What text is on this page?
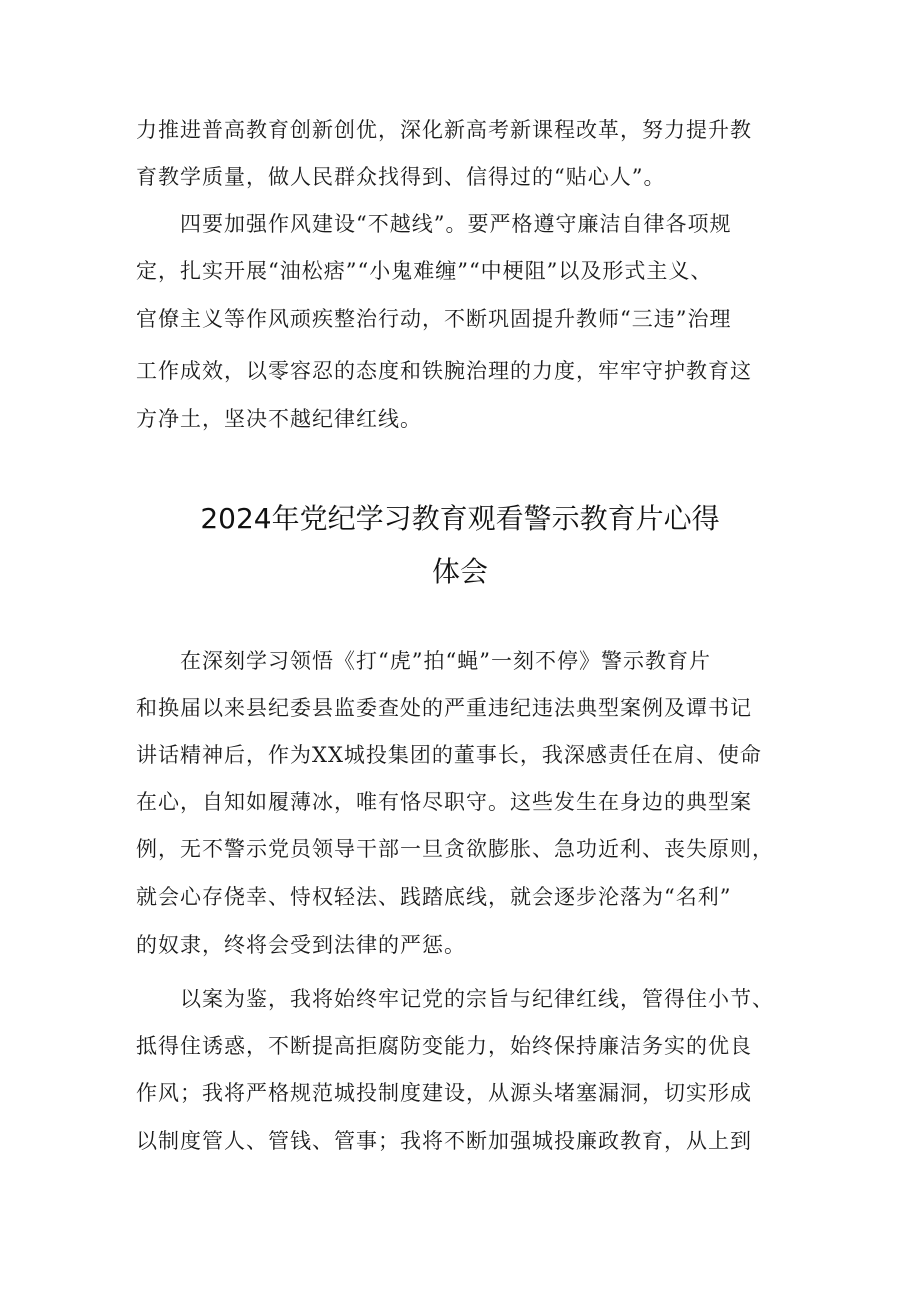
力推进普高教育创新创优，深化新高考新课程改革，努力提升教
育教学质量，做人民群众找得到、信得过的“贴心人”。
四要加强作风建设“不越线”。要严格遵守廉洁自律各项规
定，扎实开展“油松痞”“小鬼难缠”“中梗阻”以及形式主义、
官僚主义等作风顽疾整治行动，不断巩固提升教师“三违”治理
工作成效，以零容忍的态度和铁腕治理的力度，牢牢守护教育这
方净土，坚决不越纪律红线。
2024年党纪学习教育观看警示教育片心得
体会
在深刻学习领悟《打“虎”拍“蝇”一刻不停》警示教育片
和换届以来县纪委县监委查处的严重违纪违法典型案例及谭书记
讲话精神后，作为XX城投集团的董事长，我深感责任在肩、使命
在心，自知如履薄冰，唯有恪尽职守。这些发生在身边的典型案
例，无不警示党员领导干部一旦贪欲膨胀、急功近利、丧失原则，
就会心存侥幸、恃权轻法、践踏底线，就会逐步沦落为“名利”
的奴隶，终将会受到法律的严惩。
以案为鉴，我将始终牢记党的宗旨与纪律红线，管得住小节、
抵得住诱惑，不断提高拒腐防变能力，始终保持廉洁务实的优良
作风；我将严格规范城投制度建设，从源头堵塞漏洞，切实形成
以制度管人、管钱、管事；我将不断加强城投廉政教育，从上到
